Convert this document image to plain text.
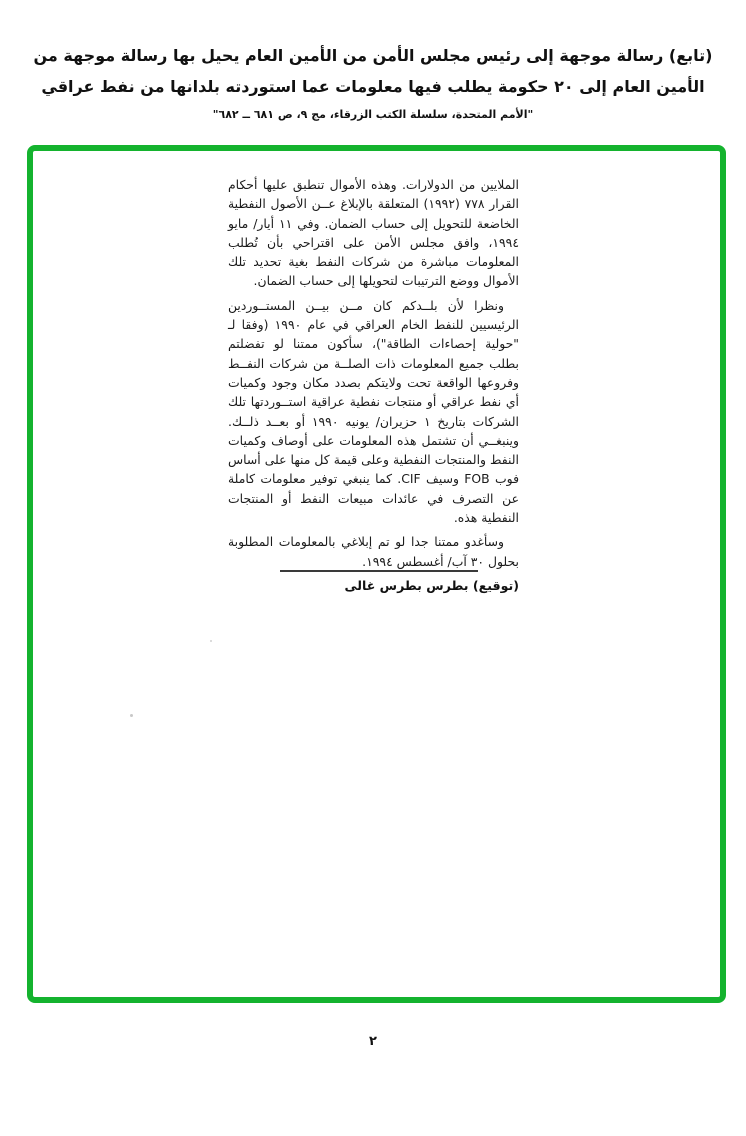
(تابع) رسالة موجهة إلى رئيس مجلس الأمن من الأمين العام يحيل بها رسالة موجهة من
الأمين العام إلى ٢٠ حكومة يطلب فيها معلومات عما استوردته بلدانها من نفط عراقي
"الأمم المتحدة، سلسلة الكتب الزرقاء، مج ٩، ص ٦٨١ ــ ٦٨٢"

الملايين من الدولارات. وهذه الأموال تنطبق عليها أحكام القرار ٧٧٨ (١٩٩٢) المتعلقة بالإبلاغ عــن الأصول النفطية الخاضعة للتحويل إلى حساب الضمان. وفي ١١ أيار/ مايو ١٩٩٤، وافق مجلس الأمن على اقتراحي بأن تُطلب المعلومات مباشرة من شركات النفط بغية تحديد تلك الأموال ووضع الترتيبات لتحويلها إلى حساب الضمان.

ونظرا لأن بلــدكم كان مــن بيــن المستــوردين الرئيسيين للنفط الخام العراقي في عام ١٩٩٠ (وفقا لـ "حولية إحصاءات الطاقة")، سأكون ممتنا لو تفضلتم بطلب جميع المعلومات ذات الصلــة من شركات النفــط وفروعها الواقعة تحت ولايتكم بصدد مكان وجود وكميات أي نفط عراقي أو منتجات نفطية عراقية استــوردتها تلك الشركات بتاريخ ١ حزيران/ يونيه ١٩٩٠ أو بعــد ذلــك. وينبغــي أن تشتمل هذه المعلومات على أوصاف وكميات النفط والمنتجات النفطية وعلى قيمة كل منها على أساس فوب FOB وسيف CIF. كما ينبغي توفير معلومات كاملة عن التصرف في عائدات مبيعات النفط أو المنتجات النفطية هذه.

وسأغدو ممتنا جدا لو تم إبلاغي بالمعلومات المطلوبة بحلول ٣٠ آب/ أغسطس ١٩٩٤.

(توقيع) بطرس بطرس غالى
٢
